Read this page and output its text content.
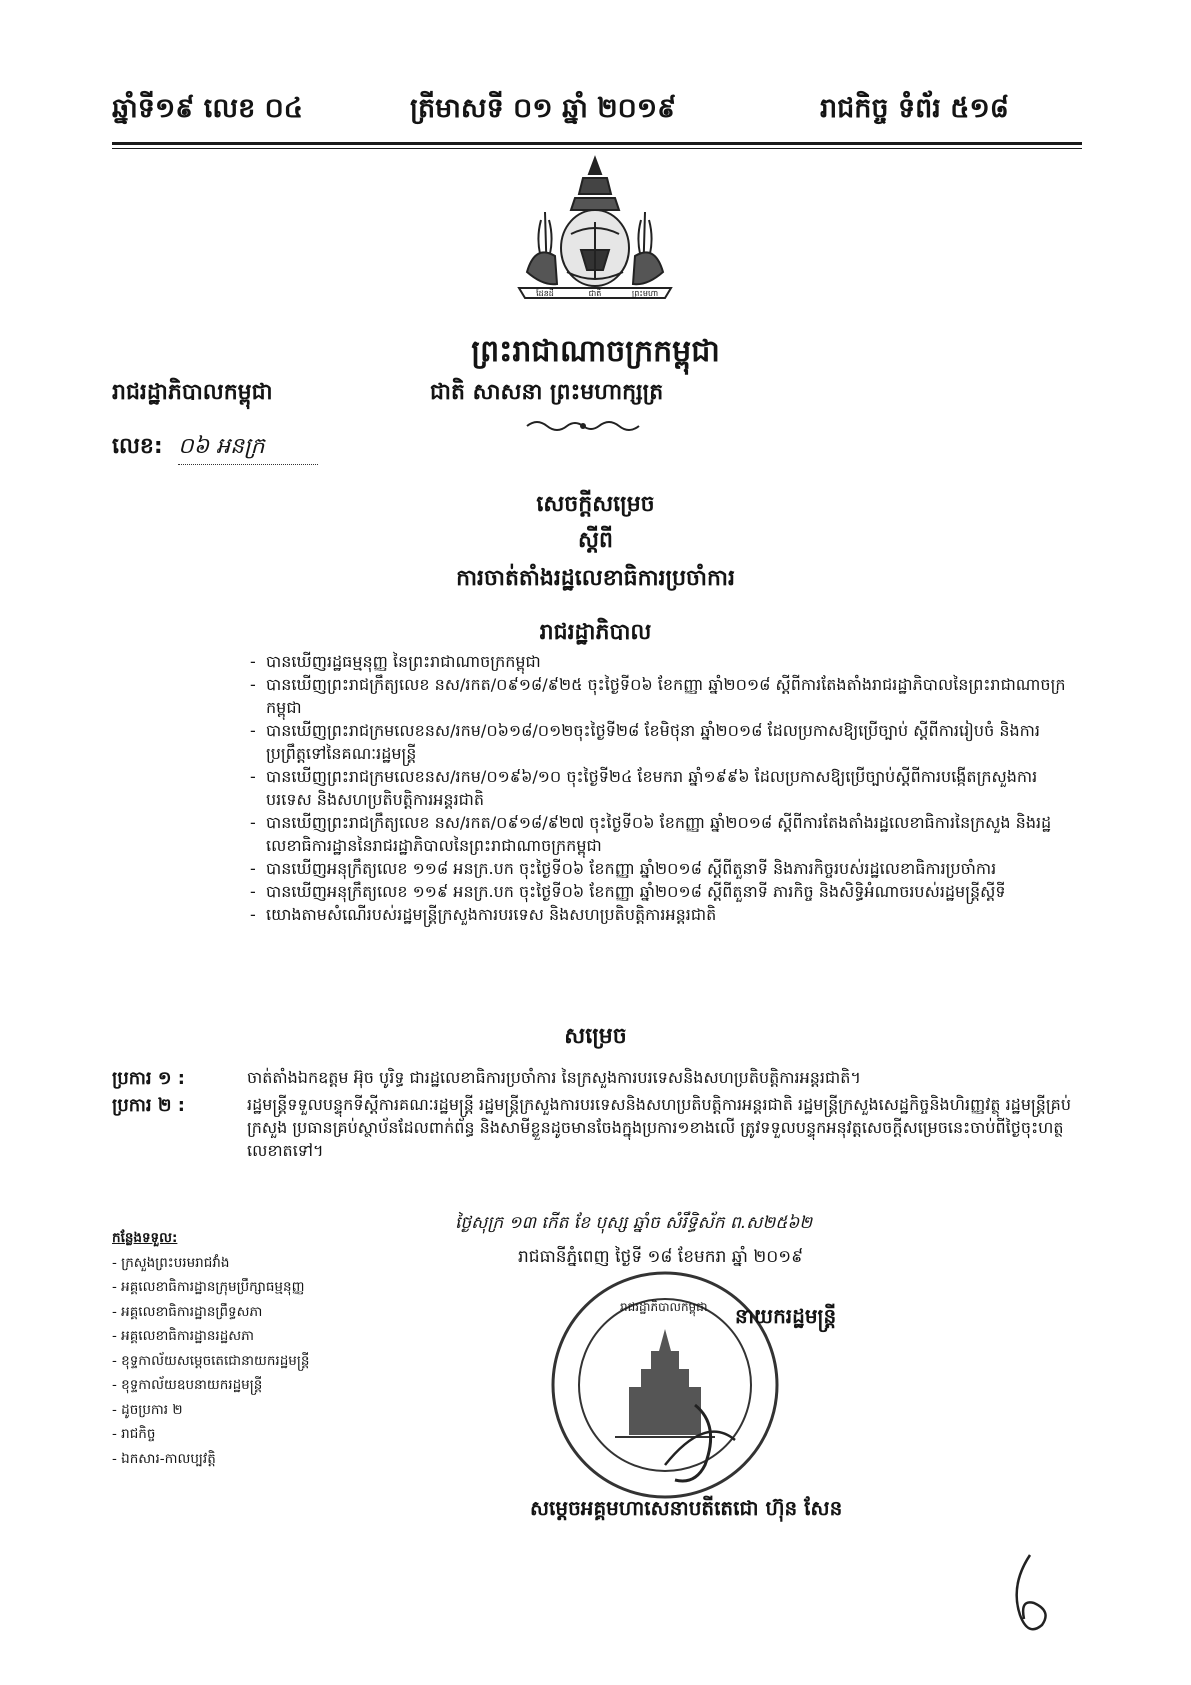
ឆ្នាំទី១៩ លេខ ០៤	ត្រីមាសទី ០១ ឆ្នាំ ២០១៩	រាជកិច្ច ទំព័រ ៥១៨
ដែនដី	ជាតិ	ព្រះមហា
ព្រះរាជាណាចក្រកម្ពុជា
រាជរដ្ឋាភិបាលកម្ពុជា	ជាតិ សាសនា ព្រះមហាក្សត្រ
លេខ: ០៦ អនក្រ
សេចក្តីសម្រេច
ស្តីពី
ការចាត់តាំងរដ្ឋលេខាធិការប្រចាំការ
រាជរដ្ឋាភិបាល

- បានឃើញរដ្ឋធម្មនុញ្ញ នៃព្រះរាជាណាចក្រកម្ពុជា

- បានឃើញព្រះរាជក្រឹត្យលេខ នស/រកត/០៩១៨/៩២៥ ចុះថ្ងៃទី០៦ ខែកញ្ញា ឆ្នាំ២០១៨ ស្តីពីការតែងតាំងរាជរដ្ឋាភិបាលនៃព្រះរាជាណាចក្រកម្ពុជា

- បានឃើញព្រះរាជក្រមលេខនស/រកម/០៦១៨/០១២ចុះថ្ងៃទី២៨ ខែមិថុនា ឆ្នាំ២០១៨ ដែលប្រកាសឱ្យប្រើច្បាប់ ស្តីពីការរៀបចំ និងការប្រព្រឹត្តទៅនៃគណៈរដ្ឋមន្ត្រី

- បានឃើញព្រះរាជក្រមលេខនស/រកម/០១៩៦/១០ ចុះថ្ងៃទី២៤ ខែមករា ឆ្នាំ១៩៩៦ ដែលប្រកាសឱ្យប្រើច្បាប់ស្តីពីការបង្កើតក្រសួងការបរទេស និងសហប្រតិបត្តិការអន្តរជាតិ

- បានឃើញព្រះរាជក្រឹត្យលេខ នស/រកត/០៩១៨/៩២៧ ចុះថ្ងៃទី០៦ ខែកញ្ញា ឆ្នាំ២០១៨ ស្តីពីការតែងតាំងរដ្ឋលេខាធិការនៃក្រសួង និងរដ្ឋលេខាធិការដ្ឋាននៃរាជរដ្ឋាភិបាលនៃព្រះរាជាណាចក្រកម្ពុជា

- បានឃើញអនុក្រឹត្យលេខ ១១៨ អនក្រ.បក ចុះថ្ងៃទី០៦ ខែកញ្ញា ឆ្នាំ២០១៨ ស្តីពីតួនាទី និងភារកិច្ចរបស់រដ្ឋលេខាធិការប្រចាំការ

- បានឃើញអនុក្រឹត្យលេខ ១១៩ អនក្រ.បក ចុះថ្ងៃទី០៦ ខែកញ្ញា ឆ្នាំ២០១៨ ស្តីពីតួនាទី ភារកិច្ច និងសិទ្ធិអំណាចរបស់រដ្ឋមន្ត្រីស្តីទី

- យោងតាមសំណើរបស់រដ្ឋមន្ត្រីក្រសួងការបរទេស និងសហប្រតិបត្តិការអន្តរជាតិ

សម្រេច
ប្រការ ១ :	ចាត់តាំងឯកឧត្តម អ៊ុច បូរិទ្ធ ជារដ្ឋលេខាធិការប្រចាំការ នៃក្រសួងការបរទេសនិងសហប្រតិបត្តិការអន្តរជាតិ។
ប្រការ ២ :	រដ្ឋមន្ត្រីទទួលបន្ទុកទីស្តីការគណៈរដ្ឋមន្ត្រី រដ្ឋមន្ត្រីក្រសួងការបរទេសនិងសហប្រតិបត្តិការអន្តរជាតិ រដ្ឋមន្ត្រីក្រសួងសេដ្ឋកិច្ចនិងហិរញ្ញវត្ថុ រដ្ឋមន្ត្រីគ្រប់ក្រសួង ប្រធានគ្រប់ស្ថាប័នដែលពាក់ព័ន្ធ និងសាមីខ្លួនដូចមានចែងក្នុងប្រការ១ខាងលើ ត្រូវទទួលបន្ទុកអនុវត្តសេចក្តីសម្រេចនេះចាប់ពីថ្ងៃចុះហត្ថលេខាតទៅ។
ថ្ងៃសុក្រ ១៣ កើត ខែ បុស្ស ឆ្នាំច សំរឹទ្ធិស័ក ព.ស២៥៦២
រាជធានីភ្នំពេញ ថ្ងៃទី ១៨ ខែមករា ឆ្នាំ ២០១៩
រាជរដ្ឋាភិបាលកម្ពុជា នាយករដ្ឋមន្ត្រី
សម្តេចអគ្គមហាសេនាបតីតេជោ ហ៊ុន សែន
កន្លែងទទួល:
- ក្រសួងព្រះបរមរាជវាំង
- អគ្គលេខាធិការដ្ឋានក្រុមប្រឹក្សាធម្មនុញ្ញ
- អគ្គលេខាធិការដ្ឋានព្រឹទ្ធសភា
- អគ្គលេខាធិការដ្ឋានរដ្ឋសភា
- ខុទ្ទកាល័យសម្តេចតេជោនាយករដ្ឋមន្ត្រី
- ខុទ្ទកាល័យឧបនាយករដ្ឋមន្ត្រី
- ដូចប្រការ ២
- រាជកិច្ច
- ឯកសារ-កាលប្បវត្តិ
